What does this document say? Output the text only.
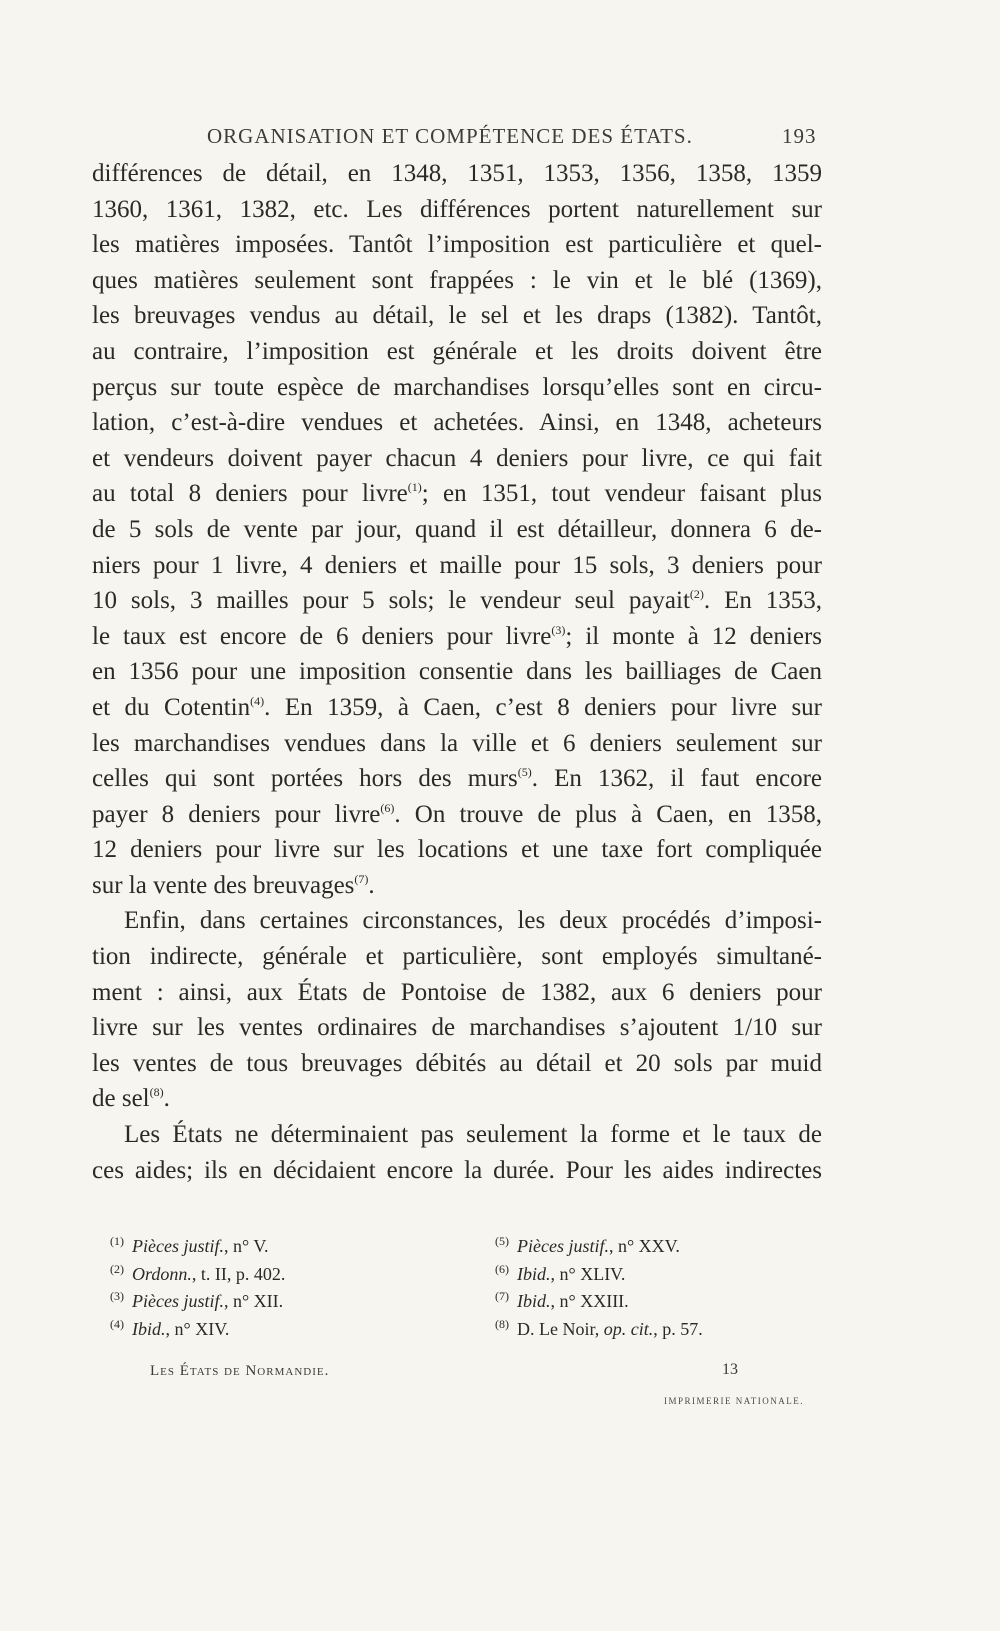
ORGANISATION ET COMPÉTENCE DES ÉTATS.	193
différences de détail, en 1348, 1351, 1353, 1356, 1358, 1359
1360, 1361, 1382, etc. Les différences portent naturellement sur
les matières imposées. Tantôt l’imposition est particulière et quel-
ques matières seulement sont frappées : le vin et le blé (1369),
les breuvages vendus au détail, le sel et les draps (1382). Tantôt,
au contraire, l’imposition est générale et les droits doivent être
perçus sur toute espèce de marchandises lorsqu’elles sont en circu-
lation, c’est-à-dire vendues et achetées. Ainsi, en 1348, acheteurs
et vendeurs doivent payer chacun 4 deniers pour livre, ce qui fait
au total 8 deniers pour livre$^{(1)}$; en 1351, tout vendeur faisant plus
de 5 sols de vente par jour, quand il est détailleur, donnera 6 de-
niers pour 1 livre, 4 deniers et maille pour 15 sols, 3 deniers pour
10 sols, 3 mailles pour 5 sols; le vendeur seul payait$^{(2)}$. En 1353,
le taux est encore de 6 deniers pour livre$^{(3)}$; il monte à 12 deniers
en 1356 pour une imposition consentie dans les bailliages de Caen
et du Cotentin$^{(4)}$. En 1359, à Caen, c’est 8 deniers pour livre sur
les marchandises vendues dans la ville et 6 deniers seulement sur
celles qui sont portées hors des murs$^{(5)}$. En 1362, il faut encore
payer 8 deniers pour livre$^{(6)}$. On trouve de plus à Caen, en 1358,
12 deniers pour livre sur les locations et une taxe fort compliquée
sur la vente des breuvages$^{(7)}$.
Enfin, dans certaines circonstances, les deux procédés d’imposi-
tion indirecte, générale et particulière, sont employés simultané-
ment : ainsi, aux États de Pontoise de 1382, aux 6 deniers pour
livre sur les ventes ordinaires de marchandises s’ajoutent 1/10 sur
les ventes de tous breuvages débités au détail et 20 sols par muid
de sel$^{(8)}$.
Les États ne déterminaient pas seulement la forme et le taux de
ces aides; ils en décidaient encore la durée. Pour les aides indirectes
$^{(1)}$ Pièces justif., n° V.
$^{(2)}$ Ordonn., t. II, p. 402.
$^{(3)}$ Pièces justif., n° XII.
$^{(4)}$ Ibid., n° XIV.
$^{(5)}$ Pièces justif., n° XXV.
$^{(6)}$ Ibid., n° XLIV.
$^{(7)}$ Ibid., n° XXIII.
$^{(8)}$ D. Le Noir, op. cit., p. 57.
Les États de Normandie.	13
IMPRIMERIE NATIONALE.
